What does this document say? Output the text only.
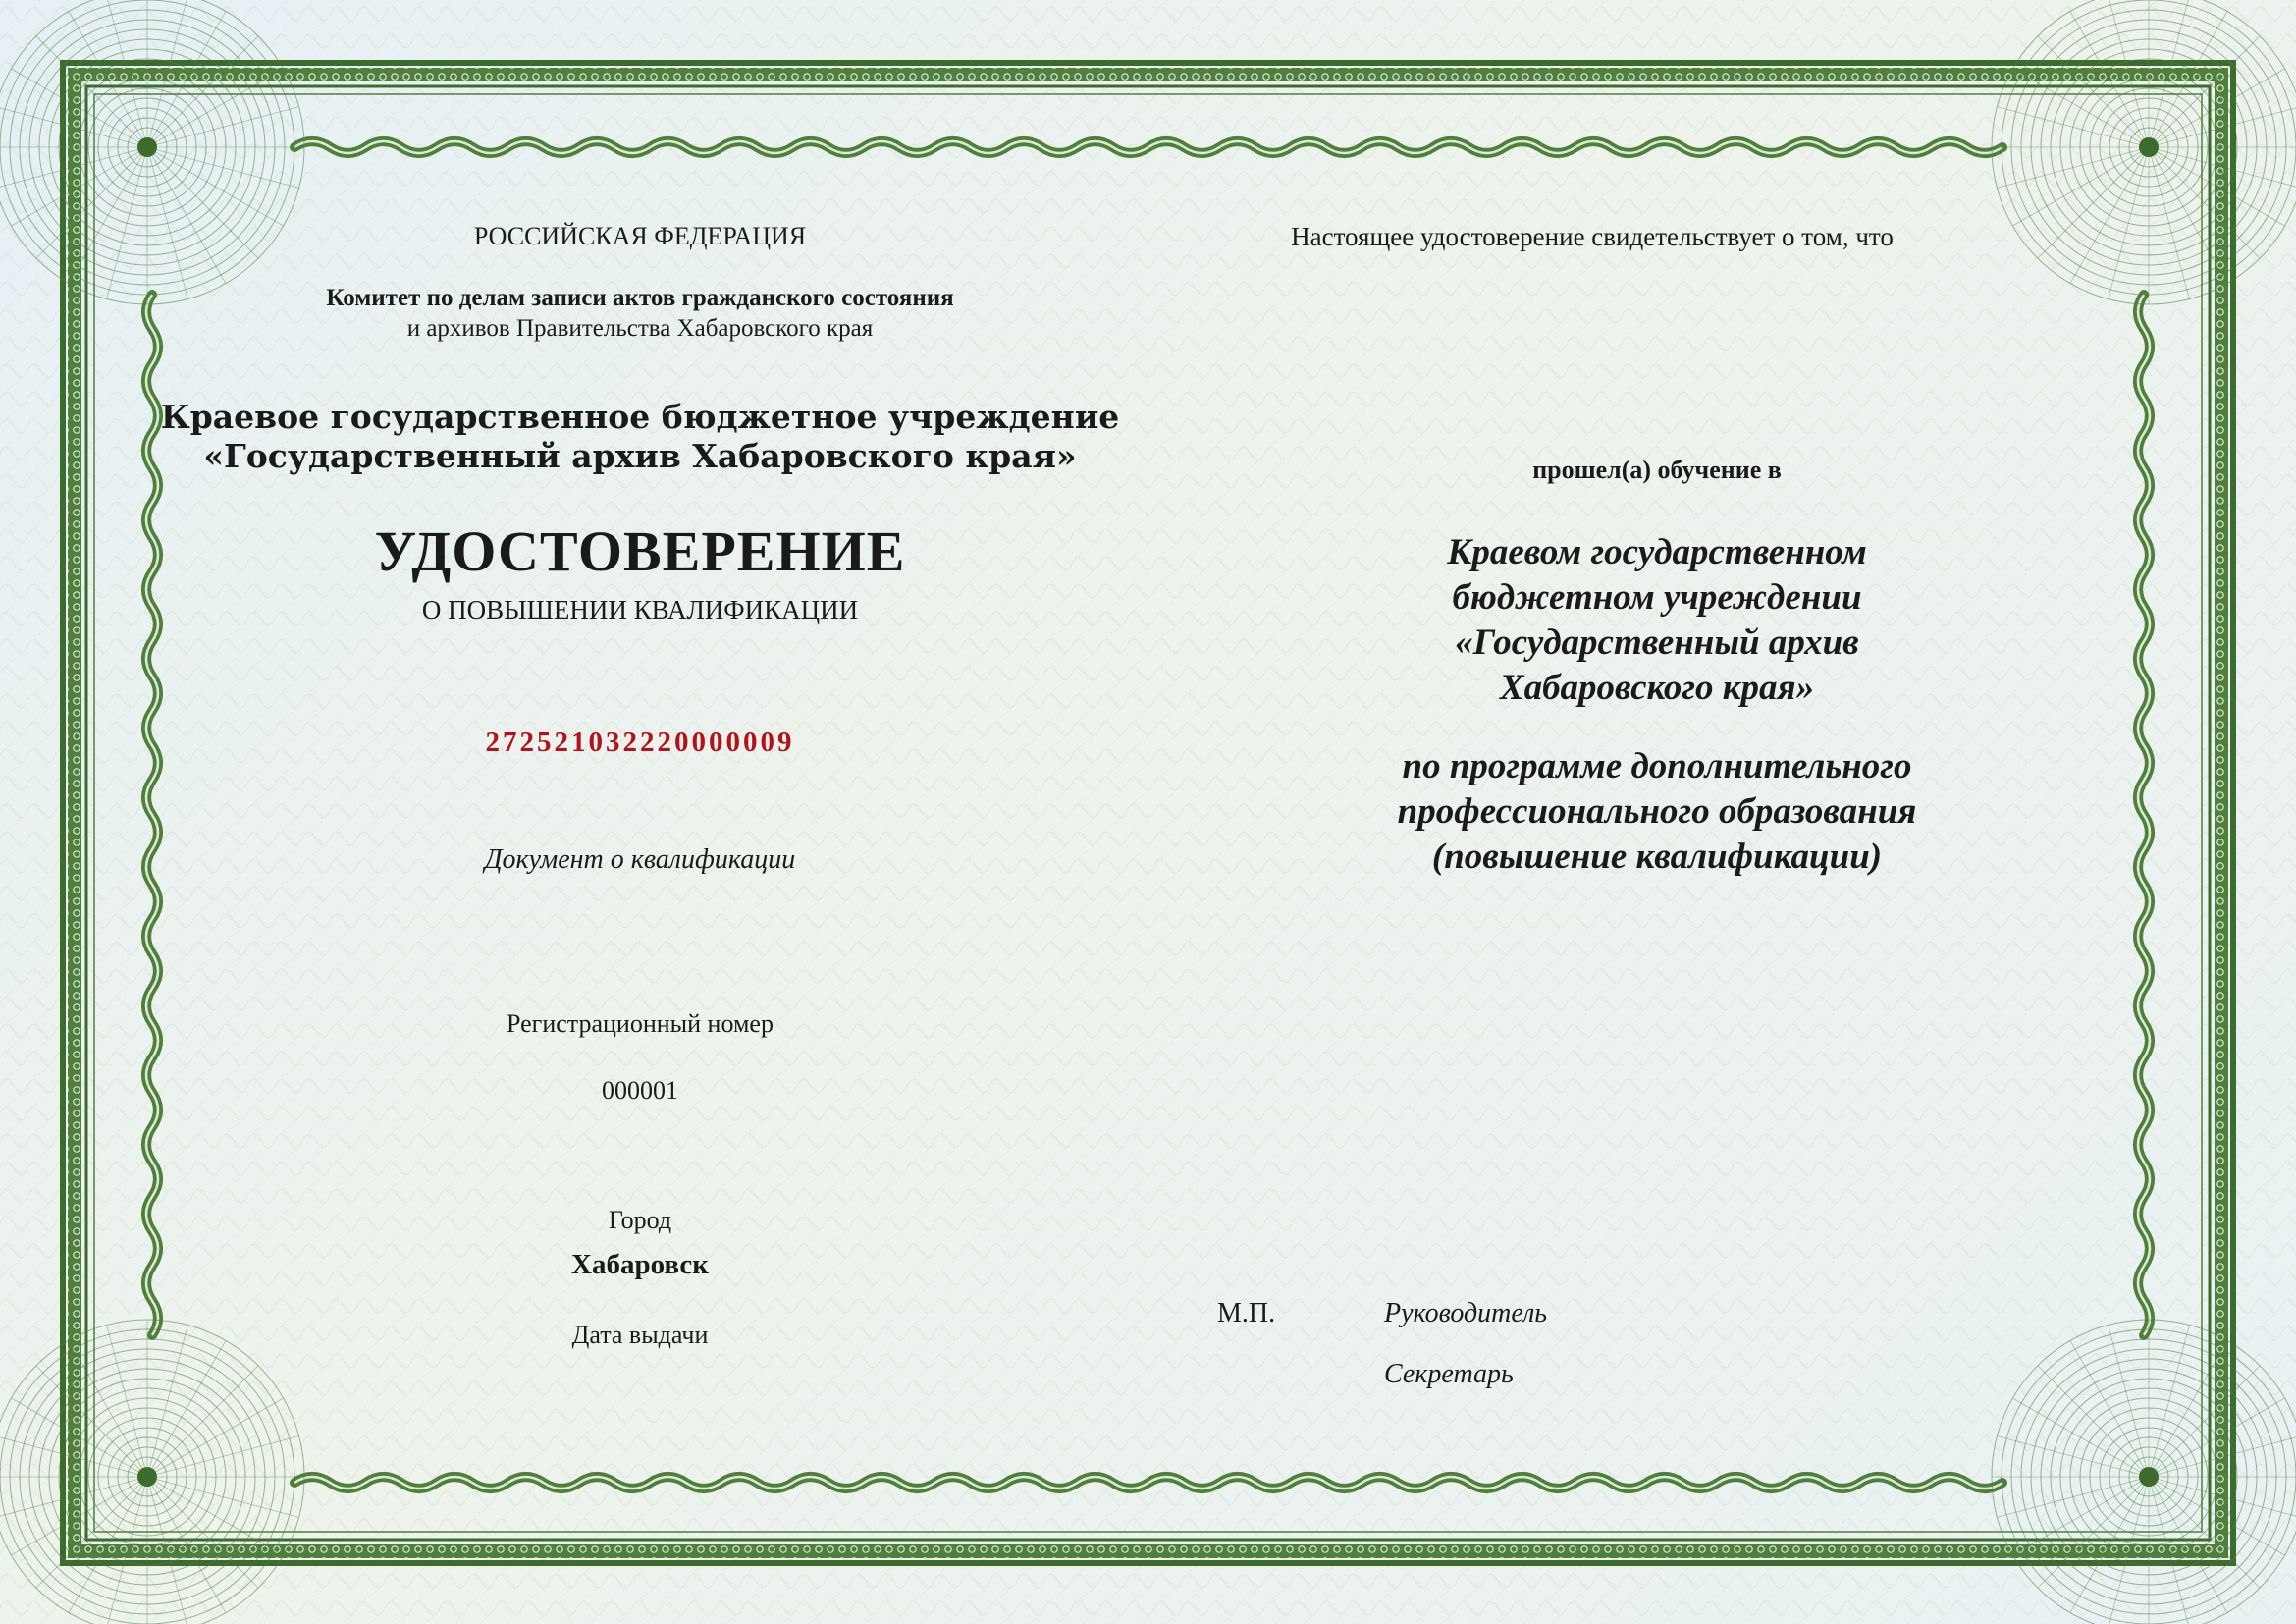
РОССИЙСКАЯ ФЕДЕРАЦИЯ
Комитет по делам записи актов гражданского состояния
и архивов Правительства Хабаровского края
Краевое государственное бюджетное учреждение
«Государственный архив Хабаровского края»
УДОСТОВЕРЕНИЕ
О ПОВЫШЕНИИ КВАЛИФИКАЦИИ
272521032220000009
Документ о квалификации
Регистрационный номер
000001
Город
Хабаровск
Дата выдачи
Настоящее удостоверение свидетельствует о том, что
прошел(а) обучение в
Краевом государственном
бюджетном учреждении
«Государственный архив
Хабаровского края»
по программе дополнительного
профессионального образования
(повышение квалификации)
М.П.	Руководитель
Секретарь
